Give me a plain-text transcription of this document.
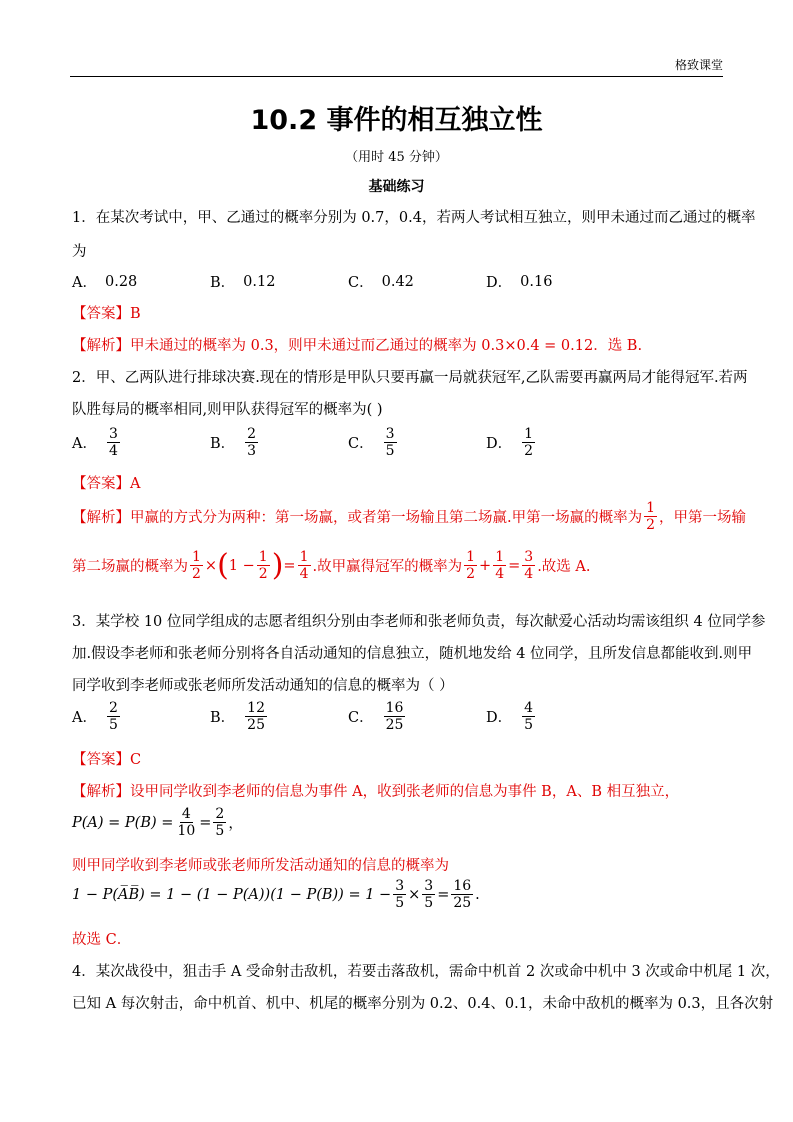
格致课堂
10.2 事件的相互独立性
（用时 45 分钟）
基础练习
1．在某次考试中，甲、乙通过的概率分别为 0.7，0.4，若两人考试相互独立，则甲未通过而乙通过的概率
为
A． 0.28	B． 0.12	C． 0.42	D． 0.16
【答案】B
【解析】甲未通过的概率为 0.3，则甲未通过而乙通过的概率为 0.3×0.4 = 0.12．选 B.
2．甲、乙两队进行排球决赛.现在的情形是甲队只要再赢一局就获冠军,乙队需要再赢两局才能得冠军.若两
队胜每局的概率相同,则甲队获得冠军的概率为( )
A． $\frac{3}{4}$	B． $\frac{2}{3}$	C． $\frac{3}{5}$	D． $\frac{1}{2}$
【答案】A
【解析】 甲赢的方式分为两种：第一场赢，或者第一场输且第二场赢.甲第一场赢的概率为 $\frac{1}{2}$ ，甲第一场输
第二场赢的概率为 $\frac{1}{2}$ × ( $1 - \frac{1}{2}$ ) = $\frac{1}{4}$ .故甲赢得冠军的概率为 $\frac{1}{2} + \frac{1}{4} = \frac{3}{4}$ .故选 A.
3．某学校 10 位同学组成的志愿者组织分别由李老师和张老师负责，每次献爱心活动均需该组织 4 位同学参
加.假设李老师和张老师分别将各自活动通知的信息独立，随机地发给 4 位同学，且所发信息都能收到.则甲
同学收到李老师或张老师所发活动通知的信息的概率为（ ）
A． $\frac{2}{5}$	B． $\frac{12}{25}$	C． $\frac{16}{25}$	D． $\frac{4}{5}$
【答案】C
【解析】设甲同学收到李老师的信息为事件 A，收到张老师的信息为事件 B，A、B 相互独立，
$P(A) = P(B) = \frac{4}{10} = \frac{2}{5}$ ，
则甲同学收到李老师或张老师所发活动通知的信息的概率为
1 − P(A̅B̅) = $1 - (1 - P(A))(1 - P(B)) = 1 - \frac{3}{5} \times \frac{3}{5} = \frac{16}{25}$ .
故选 C．
4．某次战役中，狙击手 A 受命射击敌机，若要击落敌机，需命中机首 2 次或命中机中 3 次或命中机尾 1 次，
已知 A 每次射击，命中机首、机中、机尾的概率分别为 0.2、0.4、0.1，未命中敌机的概率为 0.3，且各次射
